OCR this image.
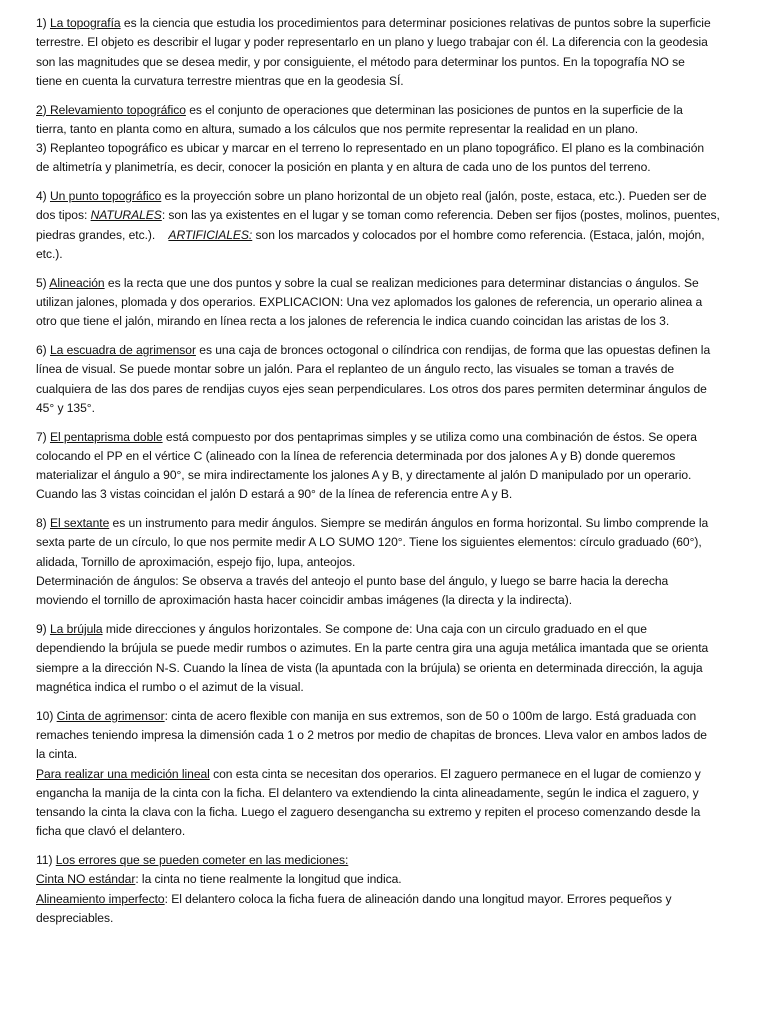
1) La topografía es la ciencia que estudia los procedimientos para determinar posiciones relativas de puntos sobre la superficie
terrestre. El objeto es describir el lugar y poder representarlo en un plano y luego trabajar con él. La diferencia con la geodesia
son las magnitudes que se desea medir, y por consiguiente, el método para determinar los puntos. En la topografía NO se
tiene en cuenta la curvatura terrestre mientras que en la geodesia SÍ.
2) Relevamiento topográfico es el conjunto de operaciones que determinan las posiciones de puntos en la superficie de la
tierra, tanto en planta como en altura, sumado a los cálculos que nos permite representar la realidad en un plano.
3) Replanteo topográfico es ubicar y marcar en el terreno lo representado en un plano topográfico. El plano es la combinación
de altimetría y planimetría, es decir, conocer la posición en planta y en altura de cada uno de los puntos del terreno.
4) Un punto topográfico es la proyección sobre un plano horizontal de un objeto real (jalón, poste, estaca, etc.). Pueden ser de
dos tipos: NATURALES: son las ya existentes en el lugar y se toman como referencia. Deben ser fijos (postes, molinos, puentes,
piedras grandes, etc.).    ARTIFICIALES: son los marcados y colocados por el hombre como referencia. (Estaca, jalón, mojón,
etc.).
5) Alineación es la recta que une dos puntos y sobre la cual se realizan mediciones para determinar distancias o ángulos. Se
utilizan jalones, plomada y dos operarios. EXPLICACION: Una vez aplomados los galones de referencia, un operario alinea a
otro que tiene el jalón, mirando en línea recta a los jalones de referencia le indica cuando coincidan las aristas de los 3.
6) La escuadra de agrimensor es una caja de bronces octogonal o cilíndrica con rendijas, de forma que las opuestas definen la
línea de visual. Se puede montar sobre un jalón. Para el replanteo de un ángulo recto, las visuales se toman a través de
cualquiera de las dos pares de rendijas cuyos ejes sean perpendiculares. Los otros dos pares permiten determinar ángulos de
45° y 135°.
7) El pentaprisma doble está compuesto por dos pentaprimas simples y se utiliza como una combinación de éstos. Se opera
colocando el PP en el vértice C (alineado con la línea de referencia determinada por dos jalones A y B) donde queremos
materializar el ángulo a 90°, se mira indirectamente los jalones A y B, y directamente al jalón D manipulado por un operario.
Cuando las 3 vistas coincidan el jalón D estará a 90° de la línea de referencia entre A y B.
8) El sextante es un instrumento para medir ángulos. Siempre se medirán ángulos en forma horizontal. Su limbo comprende la
sexta parte de un círculo, lo que nos permite medir A LO SUMO 120°. Tiene los siguientes elementos: círculo graduado (60°),
alidada, Tornillo de aproximación, espejo fijo, lupa, anteojos.
Determinación de ángulos: Se observa a través del anteojo el punto base del ángulo, y luego se barre hacia la derecha
moviendo el tornillo de aproximación hasta hacer coincidir ambas imágenes (la directa y la indirecta).
9) La brújula mide direcciones y ángulos horizontales. Se compone de: Una caja con un circulo graduado en el que
dependiendo la brújula se puede medir rumbos o azimutes. En la parte centra gira una aguja metálica imantada que se orienta
siempre a la dirección N-S. Cuando la línea de vista (la apuntada con la brújula) se orienta en determinada dirección, la aguja
magnética indica el rumbo o el azimut de la visual.
10) Cinta de agrimensor: cinta de acero flexible con manija en sus extremos, son de 50 o 100m de largo. Está graduada con
remaches teniendo impresa la dimensión cada 1 o 2 metros por medio de chapitas de bronces. Lleva valor en ambos lados de
la cinta.
Para realizar una medición lineal con esta cinta se necesitan dos operarios. El zaguero permanece en el lugar de comienzo y
engancha la manija de la cinta con la ficha. El delantero va extendiendo la cinta alineadamente, según le indica el zaguero, y
tensando la cinta la clava con la ficha. Luego el zaguero desengancha su extremo y repiten el proceso comenzando desde la
ficha que clavó el delantero.
11) Los errores que se pueden cometer en las mediciones:
Cinta NO estándar: la cinta no tiene realmente la longitud que indica.
Alineamiento imperfecto: El delantero coloca la ficha fuera de alineación dando una longitud mayor. Errores pequeños y
despreciables.
